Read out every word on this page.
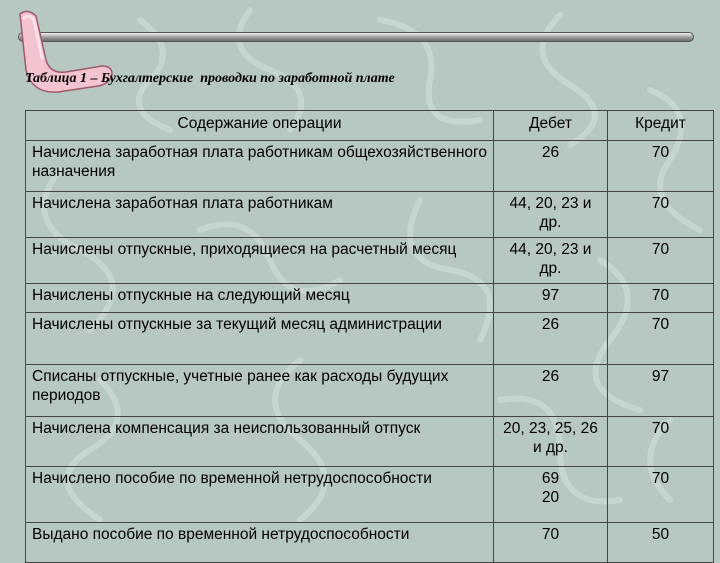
Таблица 1 – Бухгалтерские  проводки по заработной плате
Содержание операции	Дебет	Кредит
Начислена заработная плата работникам общехозяйственного назначения	26	70
Начислена заработная плата работникам	44, 20, 23 и др.	70
Начислены отпускные, приходящиеся на расчетный месяц	44, 20, 23 и др.	70
Начислены отпускные на следующий месяц	97	70
Начислены отпускные за текущий месяц администрации	26	70
Списаны отпускные, учетные ранее как расходы будущих периодов	26	97
Начислена компенсация за неиспользованный отпуск	20, 23, 25, 26 и др.	70
Начислено пособие по временной нетрудоспособности	69 20	70
Выдано пособие по временной нетрудоспособности	70	50
